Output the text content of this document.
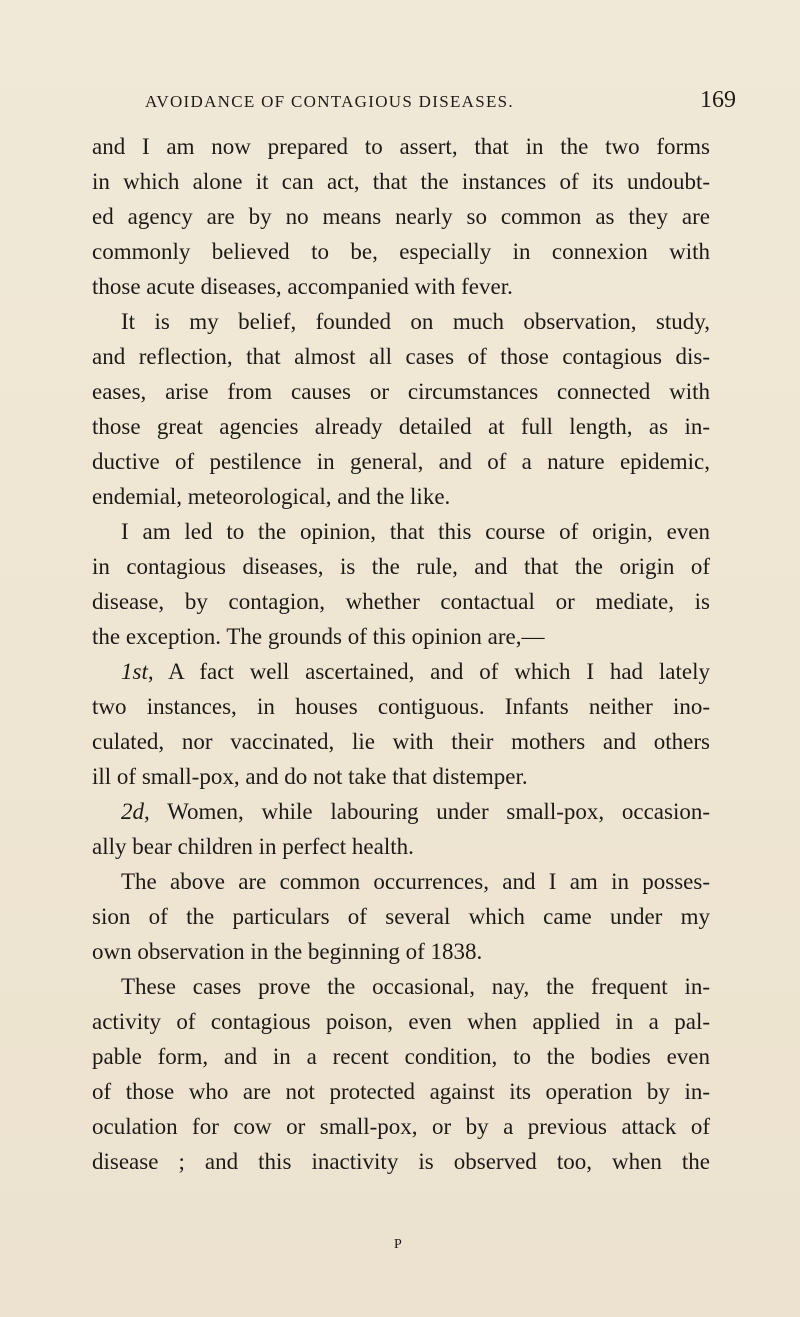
AVOIDANCE OF CONTAGIOUS DISEASES.	169
and I am now prepared to assert, that in the two forms
in which alone it can act, that the instances of its undoubt-
ed agency are by no means nearly so common as they are
commonly believed to be, especially in connexion with
those acute diseases, accompanied with fever.
It is my belief, founded on much observation, study,
and reflection, that almost all cases of those contagious dis-
eases, arise from causes or circumstances connected with
those great agencies already detailed at full length, as in-
ductive of pestilence in general, and of a nature epidemic,
endemial, meteorological, and the like.
I am led to the opinion, that this course of origin, even
in contagious diseases, is the rule, and that the origin of
disease, by contagion, whether contactual or mediate, is
the exception. The grounds of this opinion are,—
1st, A fact well ascertained, and of which I had lately
two instances, in houses contiguous. Infants neither ino-
culated, nor vaccinated, lie with their mothers and others
ill of small-pox, and do not take that distemper.
2d, Women, while labouring under small-pox, occasion-
ally bear children in perfect health.
The above are common occurrences, and I am in posses-
sion of the particulars of several which came under my
own observation in the beginning of 1838.
These cases prove the occasional, nay, the frequent in-
activity of contagious poison, even when applied in a pal-
pable form, and in a recent condition, to the bodies even
of those who are not protected against its operation by in-
oculation for cow or small-pox, or by a previous attack of
disease ; and this inactivity is observed too, when the
P
